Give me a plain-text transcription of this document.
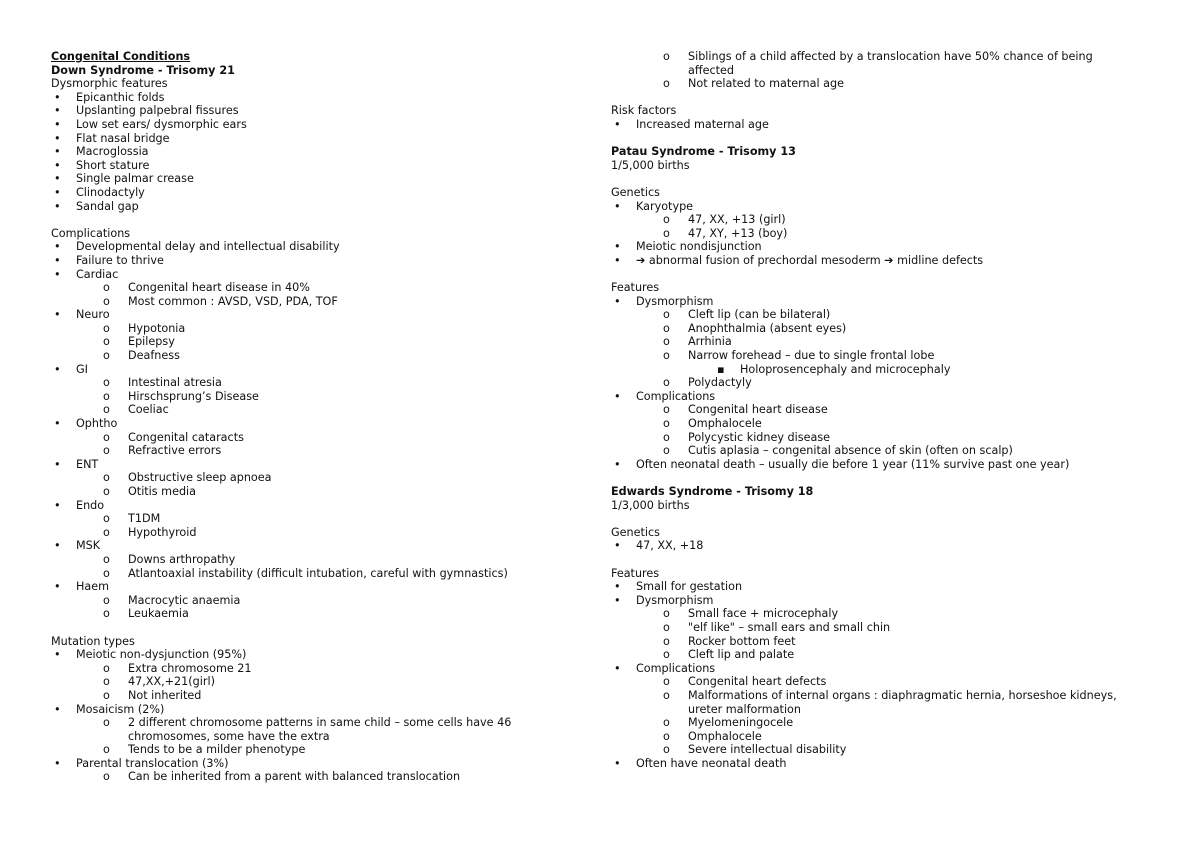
Congenital Conditions
Down Syndrome - Trisomy 21
Dysmorphic features
• Epicanthic folds
• Upslanting palpebral fissures
• Low set ears/ dysmorphic ears
• Flat nasal bridge
• Macroglossia
• Short stature
• Single palmar crease
• Clinodactyly
• Sandal gap
Complications
• Developmental delay and intellectual disability
• Failure to thrive
• Cardiac
o Congenital heart disease in 40%
o Most common : AVSD, VSD, PDA, TOF
• Neuro
o Hypotonia
o Epilepsy
o Deafness
• GI
o Intestinal atresia
o Hirschsprung’s Disease
o Coeliac
• Ophtho
o Congenital cataracts
o Refractive errors
• ENT
o Obstructive sleep apnoea
o Otitis media
• Endo
o T1DM
o Hypothyroid
• MSK
o Downs arthropathy
o Atlantoaxial instability (difficult intubation, careful with gymnastics)
• Haem
o Macrocytic anaemia
o Leukaemia
Mutation types
• Meiotic non-dysjunction (95%)
o Extra chromosome 21
o 47,XX,+21(girl)
o Not inherited
• Mosaicism (2%)
o 2 different chromosome patterns in same child – some cells have 46
chromosomes, some have the extra
o Tends to be a milder phenotype
• Parental translocation (3%)
o Can be inherited from a parent with balanced translocation
o Siblings of a child affected by a translocation have 50% chance of being
affected
o Not related to maternal age
Risk factors
• Increased maternal age
Patau Syndrome - Trisomy 13
1/5,000 births
Genetics
• Karyotype
o 47, XX, +13 (girl)
o 47, XY, +13 (boy)
• Meiotic nondisjunction
• ➔ abnormal fusion of prechordal mesoderm ➔ midline defects
Features
• Dysmorphism
o Cleft lip (can be bilateral)
o Anophthalmia (absent eyes)
o Arrhinia
o Narrow forehead – due to single frontal lobe
▪ Holoprosencephaly and microcephaly
o Polydactyly
• Complications
o Congenital heart disease
o Omphalocele
o Polycystic kidney disease
o Cutis aplasia – congenital absence of skin (often on scalp)
• Often neonatal death – usually die before 1 year (11% survive past one year)
Edwards Syndrome - Trisomy 18
1/3,000 births
Genetics
• 47, XX, +18
Features
• Small for gestation
• Dysmorphism
o Small face + microcephaly
o "elf like" – small ears and small chin
o Rocker bottom feet
o Cleft lip and palate
• Complications
o Congenital heart defects
o Malformations of internal organs : diaphragmatic hernia, horseshoe kidneys,
ureter malformation
o Myelomeningocele
o Omphalocele
o Severe intellectual disability
• Often have neonatal death
